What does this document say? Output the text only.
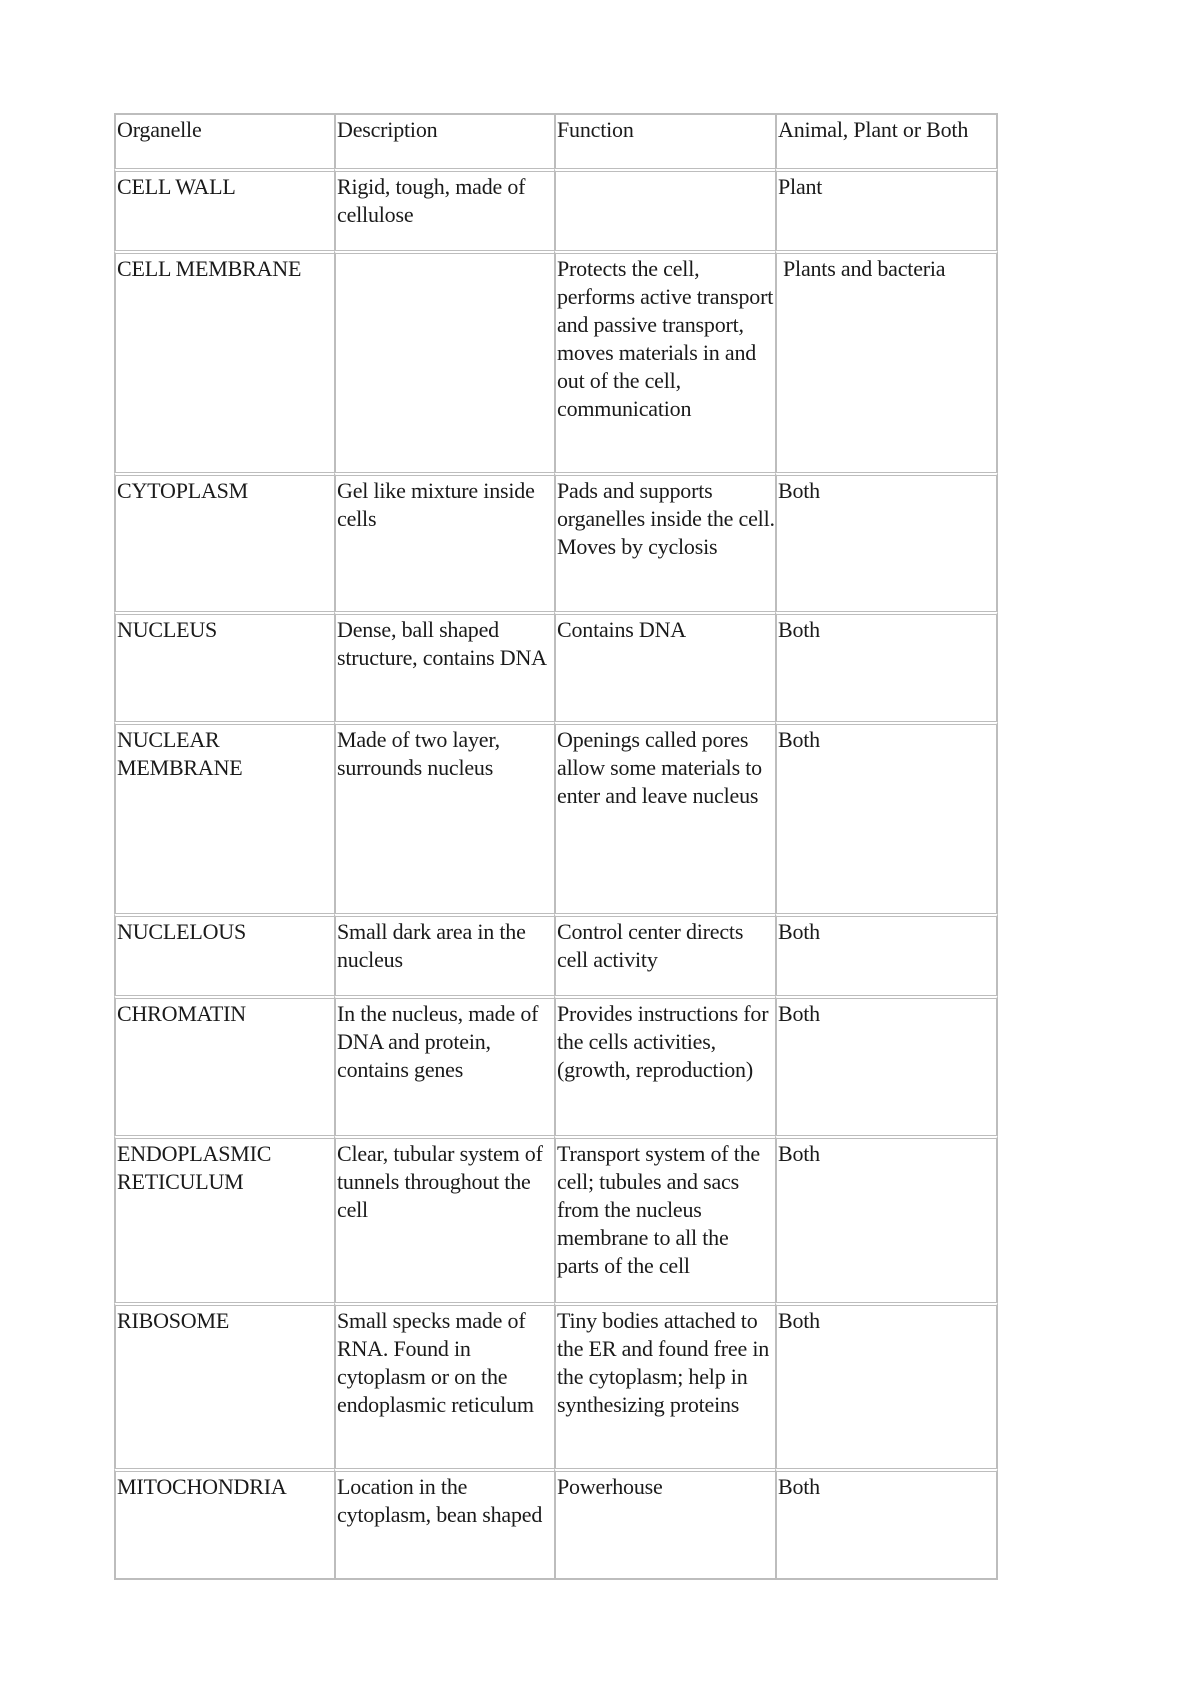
Organelle	Description	Function	Animal, Plant or Both

CELL WALL	Rigid, tough, made of cellulose		Plant

CELL MEMBRANE		Protects the cell, performs active transport and passive transport, moves materials in and out of the cell, communication	Plants and bacteria

CYTOPLASM	Gel like mixture inside cells	Pads and supports organelles inside the cell. Moves by cyclosis	Both

NUCLEUS	Dense, ball shaped structure, contains DNA	Contains DNA	Both

NUCLEAR MEMBRANE	Made of two layer, surrounds nucleus	Openings called pores allow some materials to enter and leave nucleus	Both

NUCLELOUS	Small dark area in the nucleus	Control center directs cell activity	Both

CHROMATIN	In the nucleus, made of DNA and protein, contains genes	Provides instructions for the cells activities, (growth, reproduction)	Both

ENDOPLASMIC RETICULUM	Clear, tubular system of tunnels throughout the cell	Transport system of the cell; tubules and sacs from the nucleus membrane to all the parts of the cell	Both

RIBOSOME	Small specks made of RNA. Found in cytoplasm or on the endoplasmic reticulum	Tiny bodies attached to the ER and found free in the cytoplasm; help in synthesizing proteins	Both

MITOCHONDRIA	Location in the cytoplasm, bean shaped	Powerhouse	Both
